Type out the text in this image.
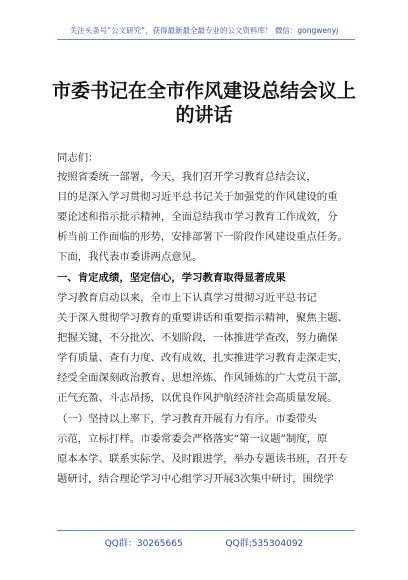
关注头条号“公文研究”，获得最新最全最专业的公文资料库！ 微信：gongwenyj
市委书记在全市作风建设总结会议上
的讲话
同志们：
按照省委统一部署，今天，我们召开学习教育总结会议，
目的是深入学习贯彻习近平总书记关于加强党的作风建设的重
要论述和指示批示精神，全面总结我市学习教育工作成效，分
析当前工作面临的形势，安排部署下一阶段作风建设重点任务。
下面，我代表市委讲两点意见。
一、肯定成绩，坚定信心，学习教育取得显著成果
学习教育启动以来，全市上下认真学习贯彻习近平总书记
关于深入贯彻学习教育的重要讲话和重要指示精神，聚焦主题、
把握关键，不分批次、不划阶段，一体推进学查改，努力确保
学有质量、查有力度、改有成效，扎实推进学习教育走深走实，
经受全面深刻政治教育、思想淬炼、作风锤炼的广大党员干部，
正气充盈、斗志昂扬，以优良作风护航经济社会高质量发展。
（一）坚持以上率下，学习教育开展有力有序。市委带头
示范，立标打样。市委常委会严格落实“第一议题”制度，原
原本本学、联系实际学、及时跟进学，举办专题读书班，召开专
题研讨，结合理论学习中心组学习开展3次集中研讨，围绕学
QQ群：30265665	QQ群:535304092
